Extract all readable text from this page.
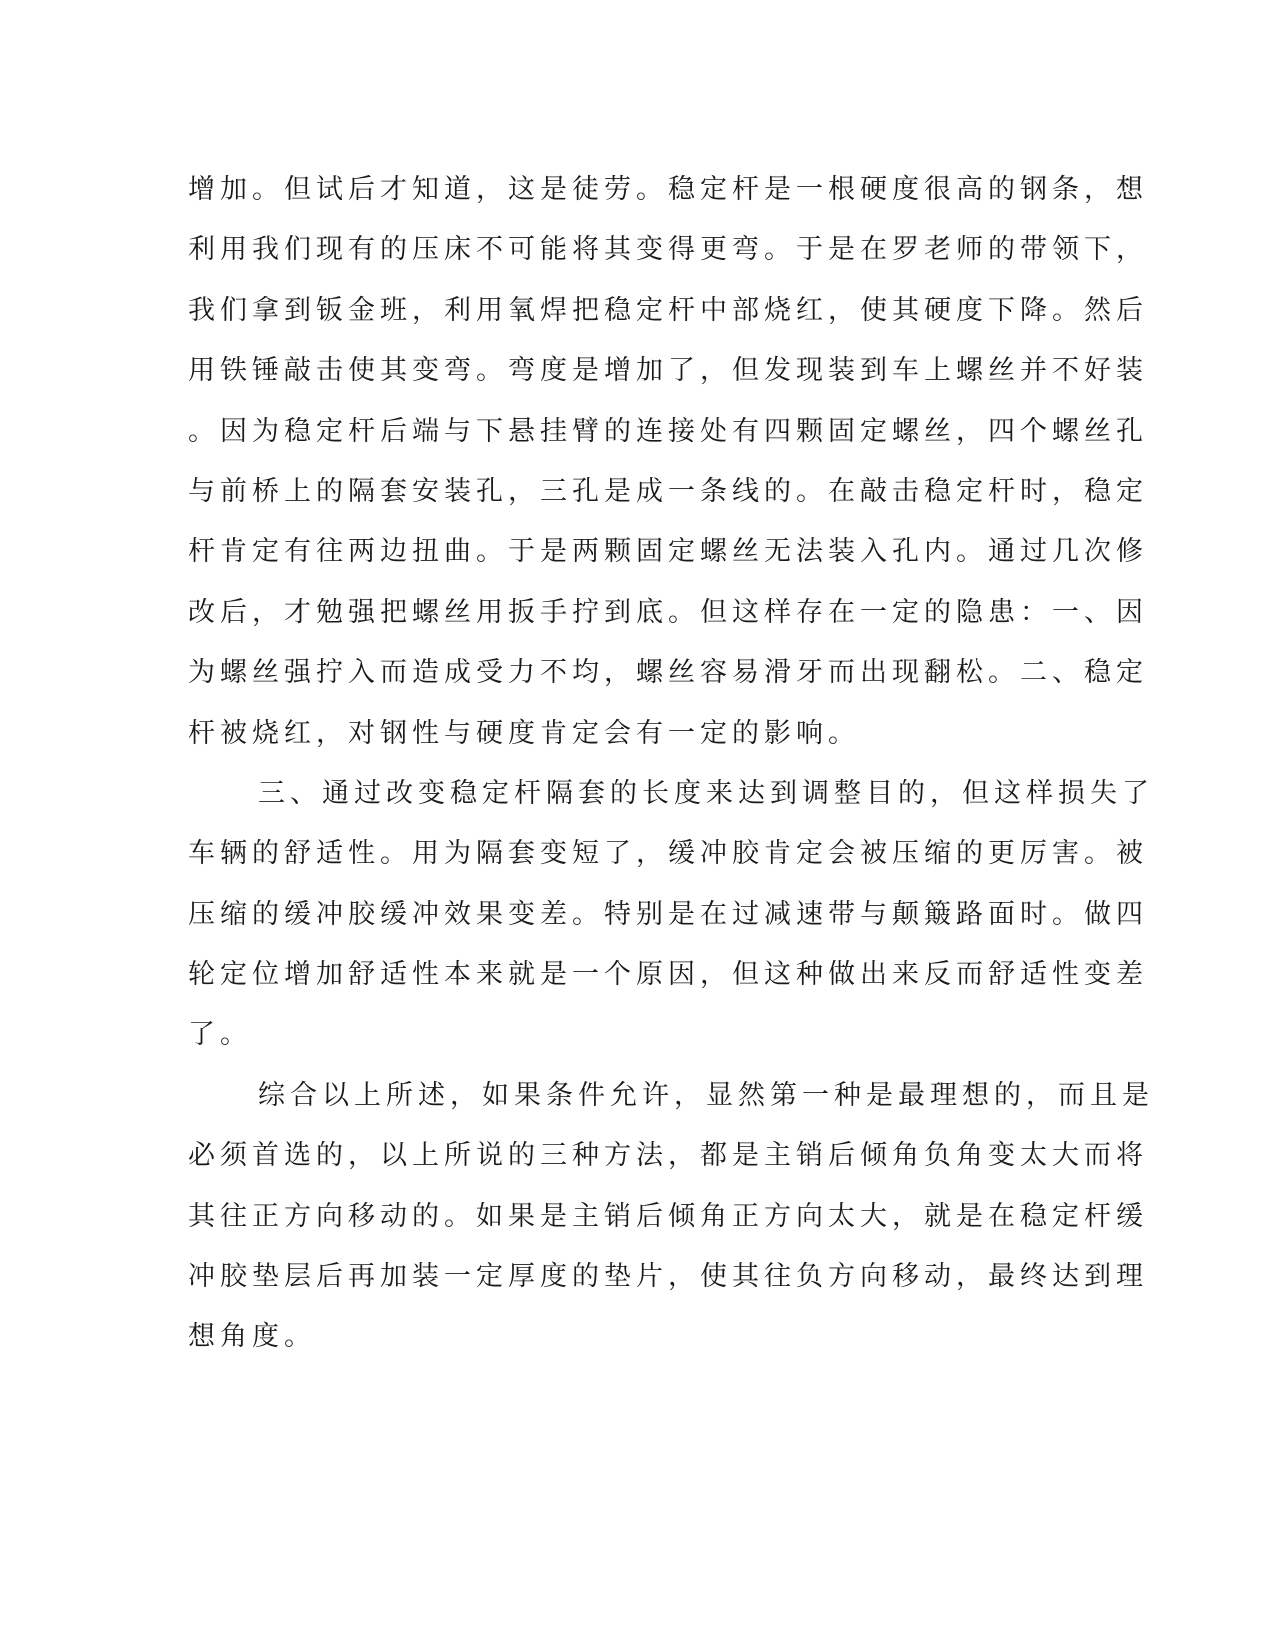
增加。但试后才知道，这是徒劳。稳定杆是一根硬度很高的钢条，想
利用我们现有的压床不可能将其变得更弯。于是在罗老师的带领下，
我们拿到钣金班，利用氧焊把稳定杆中部烧红，使其硬度下降。然后
用铁锤敲击使其变弯。弯度是增加了，但发现装到车上螺丝并不好装
。因为稳定杆后端与下悬挂臂的连接处有四颗固定螺丝，四个螺丝孔
与前桥上的隔套安装孔，三孔是成一条线的。在敲击稳定杆时，稳定
杆肯定有往两边扭曲。于是两颗固定螺丝无法装入孔内。通过几次修
改后，才勉强把螺丝用扳手拧到底。但这样存在一定的隐患：一、因
为螺丝强拧入而造成受力不均，螺丝容易滑牙而出现翻松。二、稳定
杆被烧红，对钢性与硬度肯定会有一定的影响。
三、通过改变稳定杆隔套的长度来达到调整目的，但这样损失了
车辆的舒适性。用为隔套变短了，缓冲胶肯定会被压缩的更厉害。被
压缩的缓冲胶缓冲效果变差。特别是在过减速带与颠簸路面时。做四
轮定位增加舒适性本来就是一个原因，但这种做出来反而舒适性变差
了。
综合以上所述，如果条件允许，显然第一种是最理想的，而且是
必须首选的，以上所说的三种方法，都是主销后倾角负角变太大而将
其往正方向移动的。如果是主销后倾角正方向太大，就是在稳定杆缓
冲胶垫层后再加装一定厚度的垫片，使其往负方向移动，最终达到理
想角度。
